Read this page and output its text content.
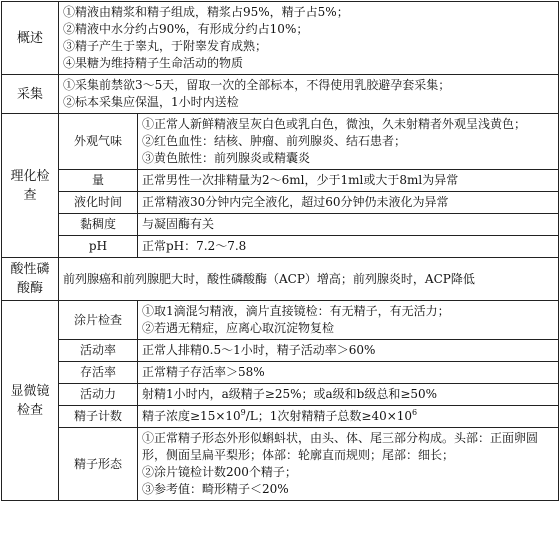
概述	①精液由精浆和精子组成，精浆占95%，精子占5%；

②精液中水分约占90%，有形成分约占10%；

③精子产生于睾丸，于附睾发育成熟；

④果糖为维持精子生命活动的物质	

采集	①采集前禁欲3～5天，留取一次的全部标本，不得使用乳胶避孕套采集；

②标本采集应保温，1小时内送检	

理化检查	外观气味	①正常人新鲜精液呈灰白色或乳白色，微浊，久未射精者外观呈浅黄色；

②红色血性：结核、肿瘤、前列腺炎、结石患者；

③黄色脓性：前列腺炎或精囊炎

	量	正常男性一次排精量为2～6ml，少于1ml或大于8ml为异常
	液化时间	正常精液30分钟内完全液化，超过60分钟仍未液化为异常
	黏稠度	与凝固酶有关
	pH	正常pH：7.2～7.8
酸性磷酸酶	前列腺癌和前列腺肥大时，酸性磷酸酶（ACP）增高；前列腺炎时，ACP降低	
显微镜检查	涂片检查	①取1滴混匀精液，滴片直接镜检：有无精子，有无活力；

②若遇无精症，应离心取沉淀物复检

	活动率	正常人排精0.5～1小时，精子活动率＞60%
	存活率	正常精子存活率＞58%
	活动力	射精1小时内，a级精子≥25%；或a级和b级总和≥50%
	精子计数	精子浓度$\ge 15\times 10^9/L$；1次射精精子总数$\ge 40\times 10^6$
	精子形态	①正常精子形态外形似蝌蚪状，由头、体、尾三部分构成。头部：正面卵圆形，侧面呈扁平梨形；体部：轮廓直而规则；尾部：细长；

②涂片镜检计数200个精子；

③参考值：畸形精子＜20%
